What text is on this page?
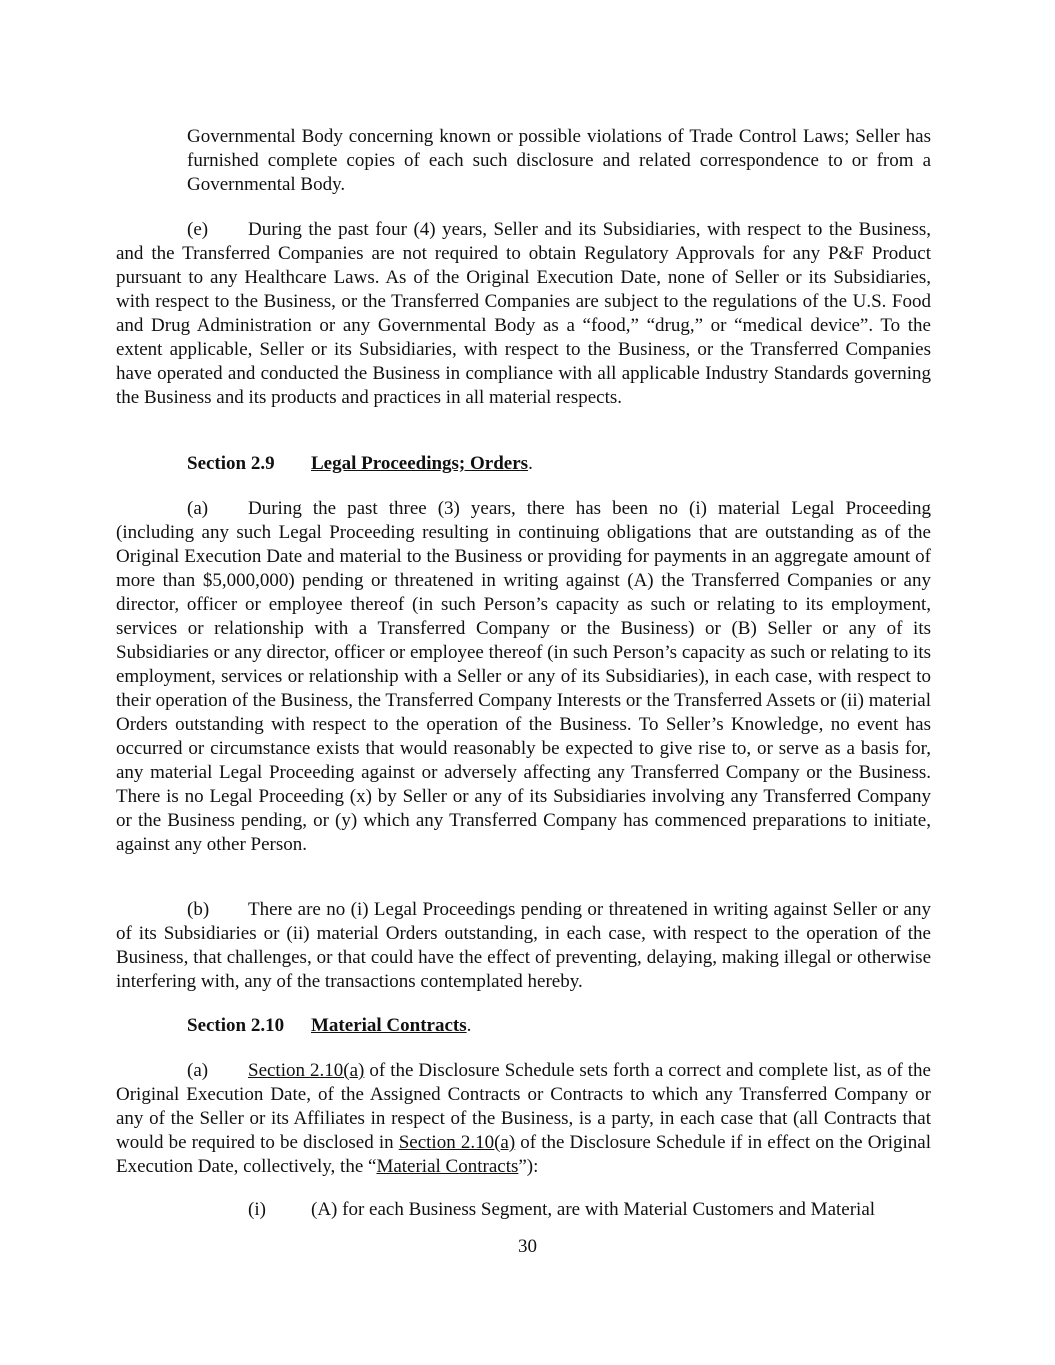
Governmental Body concerning known or possible violations of Trade Control Laws; Seller has furnished complete copies of each such disclosure and related correspondence to or from a Governmental Body.

(e) During the past four (4) years, Seller and its Subsidiaries, with respect to the Business, and the Transferred Companies are not required to obtain Regulatory Approvals for any P&F Product pursuant to any Healthcare Laws. As of the Original Execution Date, none of Seller or its Subsidiaries, with respect to the Business, or the Transferred Companies are subject to the regulations of the U.S. Food and Drug Administration or any Governmental Body as a “food,” “drug,” or “medical device”. To the extent applicable, Seller or its Subsidiaries, with respect to the Business, or the Transferred Companies have operated and conducted the Business in compliance with all applicable Industry Standards governing the Business and its products and practices in all material respects.

Section 2.9 Legal Proceedings; Orders.

(a) During the past three (3) years, there has been no (i) material Legal Proceeding (including any such Legal Proceeding resulting in continuing obligations that are outstanding as of the Original Execution Date and material to the Business or providing for payments in an aggregate amount of more than $5,000,000) pending or threatened in writing against (A) the Transferred Companies or any director, officer or employee thereof (in such Person’s capacity as such or relating to its employment, services or relationship with a Transferred Company or the Business) or (B) Seller or any of its Subsidiaries or any director, officer or employee thereof (in such Person’s capacity as such or relating to its employment, services or relationship with a Seller or any of its Subsidiaries), in each case, with respect to their operation of the Business, the Transferred Company Interests or the Transferred Assets or (ii) material Orders outstanding with respect to the operation of the Business. To Seller’s Knowledge, no event has occurred or circumstance exists that would reasonably be expected to give rise to, or serve as a basis for, any material Legal Proceeding against or adversely affecting any Transferred Company or the Business. There is no Legal Proceeding (x) by Seller or any of its Subsidiaries involving any Transferred Company or the Business pending, or (y) which any Transferred Company has commenced preparations to initiate, against any other Person.

(b) There are no (i) Legal Proceedings pending or threatened in writing against Seller or any of its Subsidiaries or (ii) material Orders outstanding, in each case, with respect to the operation of the Business, that challenges, or that could have the effect of preventing, delaying, making illegal or otherwise interfering with, any of the transactions contemplated hereby.

Section 2.10 Material Contracts.

(a) Section 2.10(a) of the Disclosure Schedule sets forth a correct and complete list, as of the Original Execution Date, of the Assigned Contracts or Contracts to which any Transferred Company or any of the Seller or its Affiliates in respect of the Business, is a party, in each case that (all Contracts that would be required to be disclosed in Section 2.10(a) of the Disclosure Schedule if in effect on the Original Execution Date, collectively, the “Material Contracts”):

(i) (A) for each Business Segment, are with Material Customers and Material
30
